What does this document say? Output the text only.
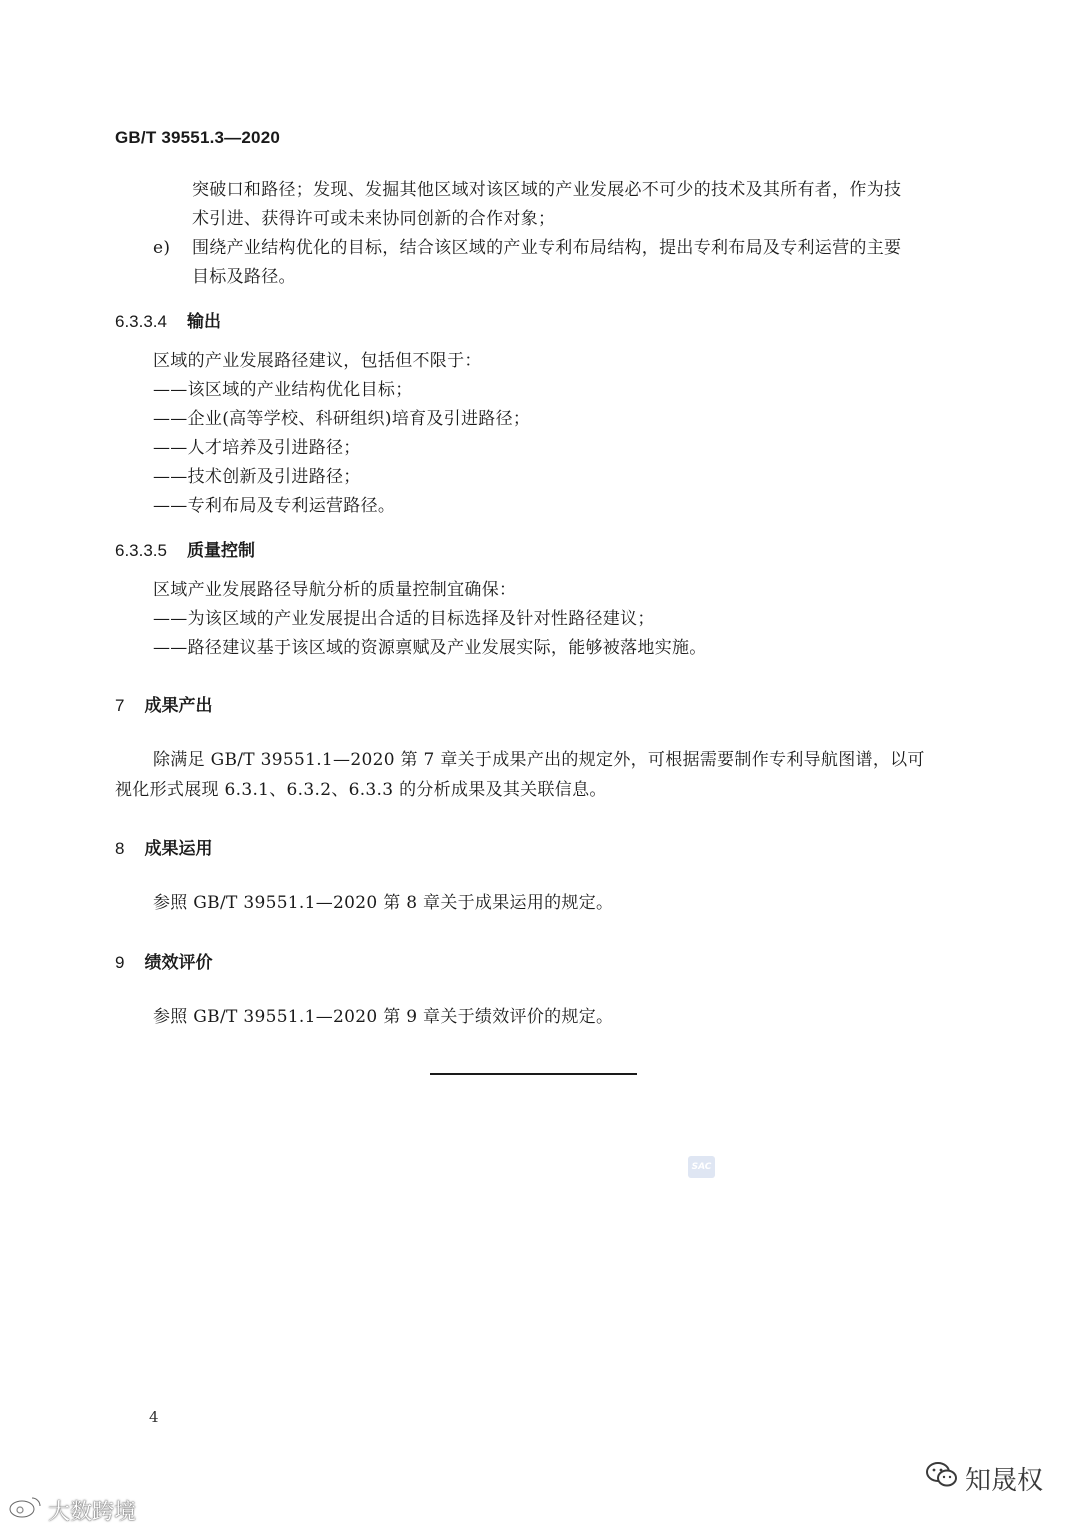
GB/T 39551.3—2020
突破口和路径；发现、发掘其他区域对该区域的产业发展必不可少的技术及其所有者，作为技
术引进、获得许可或未来协同创新的合作对象；
e) 围绕产业结构优化的目标，结合该区域的产业专利布局结构，提出专利布局及专利运营的主要
目标及路径。
6.3.3.4 输出
区域的产业发展路径建议，包括但不限于：
——该区域的产业结构优化目标；
——企业(高等学校、科研组织)培育及引进路径；
——人才培养及引进路径；
——技术创新及引进路径；
——专利布局及专利运营路径。
6.3.3.5 质量控制
区域产业发展路径导航分析的质量控制宜确保：
——为该区域的产业发展提出合适的目标选择及针对性路径建议；
——路径建议基于该区域的资源禀赋及产业发展实际，能够被落地实施。
7 成果产出
除满足 GB/T 39551.1—2020 第 7 章关于成果产出的规定外，可根据需要制作专利导航图谱，以可
视化形式展现 6.3.1、6.3.2、6.3.3 的分析成果及其关联信息。
8 成果运用
参照 GB/T 39551.1—2020 第 8 章关于成果运用的规定。
9 绩效评价
参照 GB/T 39551.1—2020 第 9 章关于绩效评价的规定。
SAC
4
知晟权
大数跨境
